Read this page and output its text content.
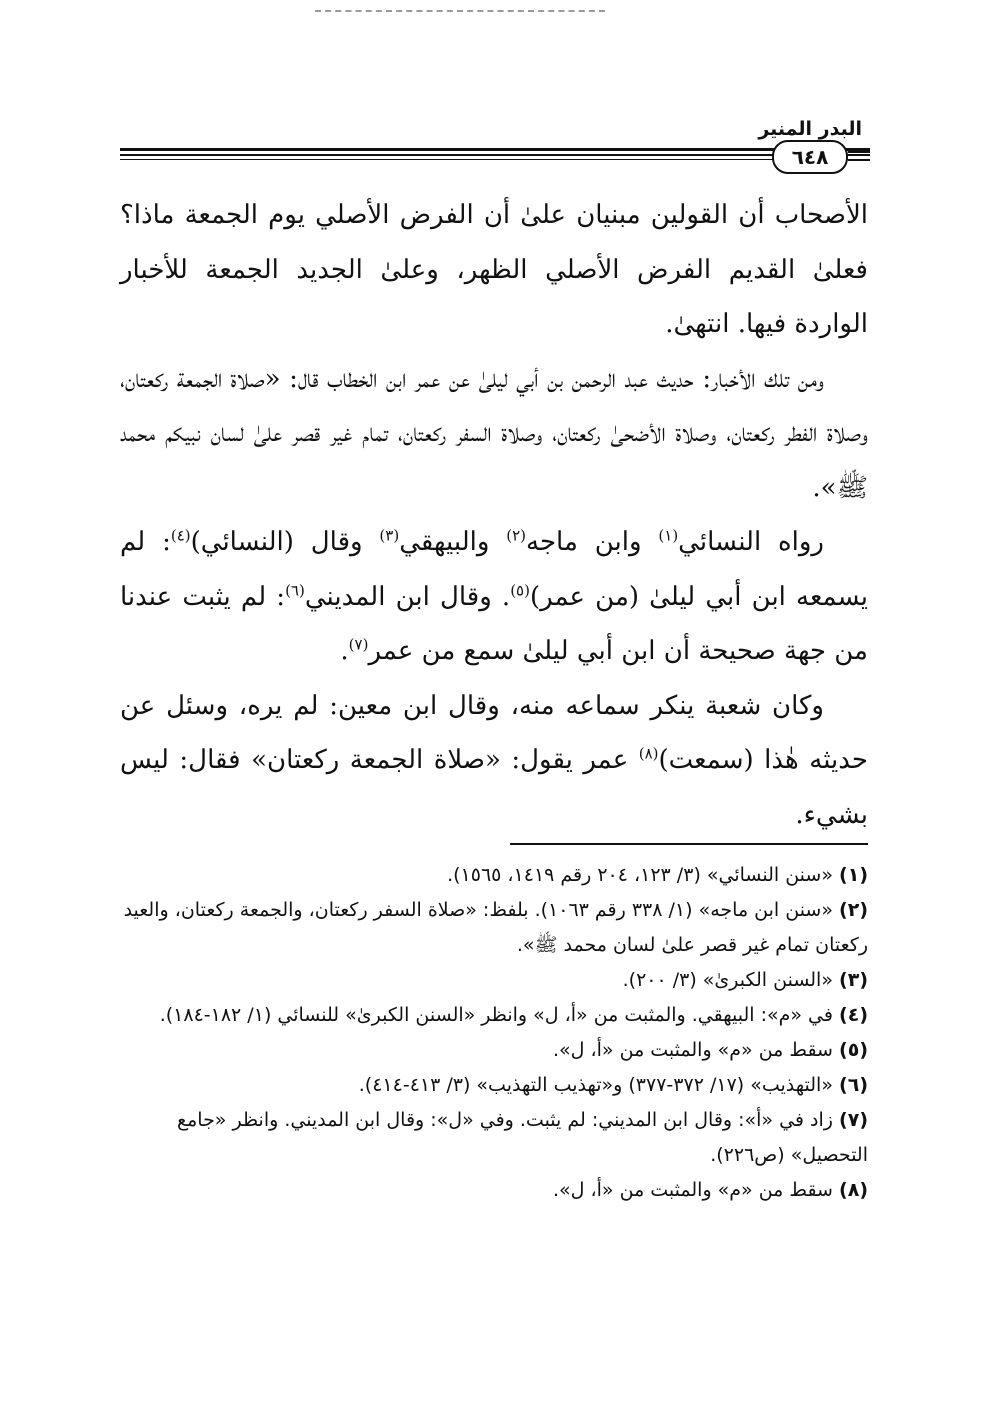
البدر المنير
٦٤٨

الأصحاب أن القولين مبنيان علىٰ أن الفرض الأصلي يوم الجمعة ماذا؟ فعلىٰ القديم الفرض الأصلي الظهر، وعلىٰ الجديد الجمعة للأخبار الواردة فيها. انتهىٰ.

ومن تلك الأخبار: حديث عبد الرحمن بن أبي ليلىٰ عن عمر ابن الخطاب قال: «صلاة الجمعة ركعتان، وصلاة الفطر ركعتان، وصلاة الأضحىٰ ركعتان، وصلاة السفر ركعتان، تمام غير قصر علىٰ لسان نبيكم محمد ﷺ».

رواه النسائي$^{(١)}$ وابن ماجه$^{(٢)}$ والبيهقي$^{(٣)}$ وقال (النسائي)$^{(٤)}$: لم يسمعه ابن أبي ليلىٰ (من عمر)$^{(٥)}$. وقال ابن المديني$^{(٦)}$: لم يثبت عندنا من جهة صحيحة أن ابن أبي ليلىٰ سمع من عمر$^{(٧)}$.

وكان شعبة ينكر سماعه منه، وقال ابن معين: لم يره، وسئل عن حديثه هٰذا (سمعت)$^{(٨)}$ عمر يقول: «صلاة الجمعة ركعتان» فقال: ليس بشيء.

(١) «سنن النسائي» (٣/ ١٢٣، ٢٠٤ رقم ١٤١٩، ١٥٦٥).

(٢) «سنن ابن ماجه» (١/ ٣٣٨ رقم ١٠٦٣). بلفظ: «صلاة السفر ركعتان، والجمعة ركعتان، والعيد ركعتان تمام غير قصر علىٰ لسان محمد ﷺ».

(٣) «السنن الكبرىٰ» (٣/ ٢٠٠).

(٤) في «م»: البيهقي. والمثبت من «أ، ل» وانظر «السنن الكبرىٰ» للنسائي (١/ ١٨٢-١٨٤).

(٥) سقط من «م» والمثبت من «أ، ل».

(٦) «التهذيب» (١٧/ ٣٧٢-٣٧٧) و«تهذيب التهذيب» (٣/ ٤١٣-٤١٤).

(٧) زاد في «أ»: وقال ابن المديني: لم يثبت. وفي «ل»: وقال ابن المديني. وانظر «جامع التحصيل» (ص٢٢٦).

(٨) سقط من «م» والمثبت من «أ، ل».
